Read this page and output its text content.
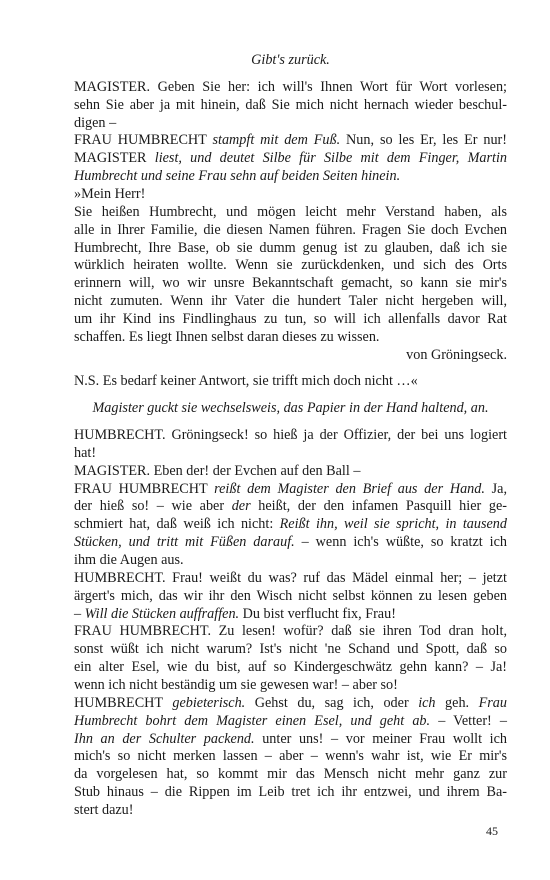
Gibt's zurück.
MAGISTER. Geben Sie her: ich will's Ihnen Wort für Wort vorlesen;
sehn Sie aber ja mit hinein, daß Sie mich nicht hernach wieder beschul-
digen –
FRAU HUMBRECHT stampft mit dem Fuß. Nun, so les Er, les Er nur!
MAGISTER liest, und deutet Silbe für Silbe mit dem Finger, Martin
Humbrecht und seine Frau sehn auf beiden Seiten hinein.
»Mein Herr!
Sie heißen Humbrecht, und mögen leicht mehr Verstand haben, als
alle in Ihrer Familie, die diesen Namen führen. Fragen Sie doch Evchen
Humbrecht, Ihre Base, ob sie dumm genug ist zu glauben, daß ich sie
würklich heiraten wollte. Wenn sie zurückdenken, und sich des Orts
erinnern will, wo wir unsre Bekanntschaft gemacht, so kann sie mir's
nicht zumuten. Wenn ihr Vater die hundert Taler nicht hergeben will,
um ihr Kind ins Findlinghaus zu tun, so will ich allenfalls davor Rat
schaffen. Es liegt Ihnen selbst daran dieses zu wissen.
von Gröningseck.
N.S. Es bedarf keiner Antwort, sie trifft mich doch nicht …«
Magister guckt sie wechselsweis, das Papier in der Hand haltend, an.
HUMBRECHT. Gröningseck! so hieß ja der Offizier, der bei uns logiert
hat!
MAGISTER. Eben der! der Evchen auf den Ball –
FRAU HUMBRECHT reißt dem Magister den Brief aus der Hand. Ja,
der hieß so! – wie aber der heißt, der den infamen Pasquill hier ge-
schmiert hat, daß weiß ich nicht: Reißt ihn, weil sie spricht, in tausend
Stücken, und tritt mit Füßen darauf. – wenn ich's wüßte, so kratzt ich
ihm die Augen aus.
HUMBRECHT. Frau! weißt du was? ruf das Mädel einmal her; – jetzt
ärgert's mich, das wir ihr den Wisch nicht selbst können zu lesen geben
– Will die Stücken auffraffen. Du bist verflucht fix, Frau!
FRAU HUMBRECHT. Zu lesen! wofür? daß sie ihren Tod dran holt,
sonst wüßt ich nicht warum? Ist's nicht 'ne Schand und Spott, daß so
ein alter Esel, wie du bist, auf so Kindergeschwätz gehn kann? – Ja!
wenn ich nicht beständig um sie gewesen war! – aber so!
HUMBRECHT gebieterisch. Gehst du, sag ich, oder ich geh. Frau
Humbrecht bohrt dem Magister einen Esel, und geht ab. – Vetter! –
Ihn an der Schulter packend. unter uns! – vor meiner Frau wollt ich
mich's so nicht merken lassen – aber – wenn's wahr ist, wie Er mir's
da vorgelesen hat, so kommt mir das Mensch nicht mehr ganz zur
Stub hinaus – die Rippen im Leib tret ich ihr entzwei, und ihrem Ba-
stert dazu!
45
